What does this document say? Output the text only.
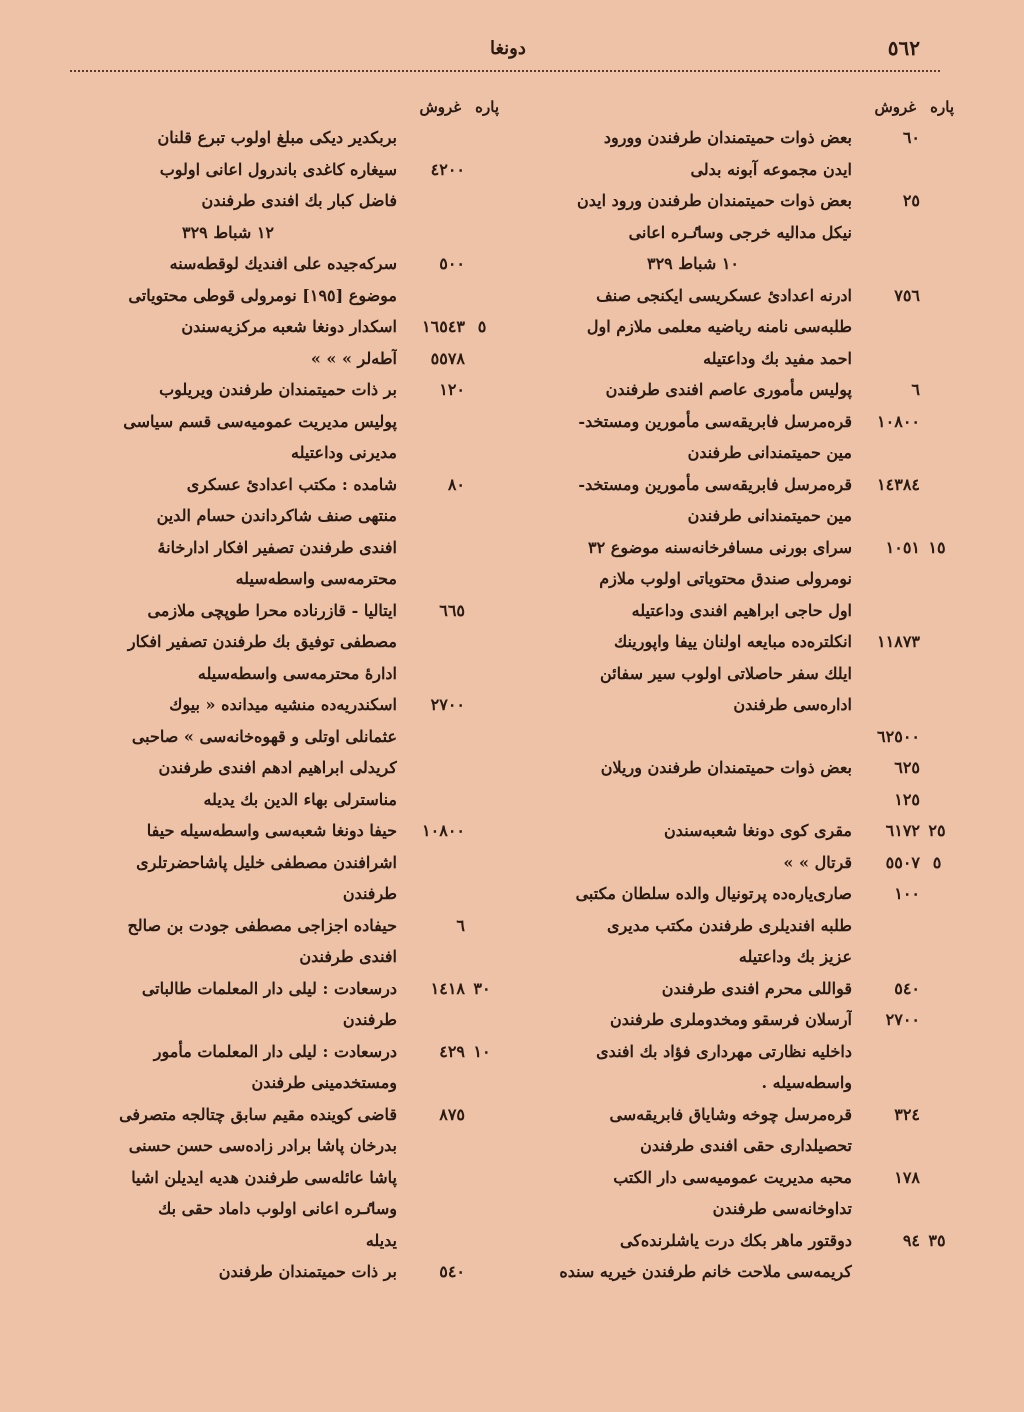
٥٦٢
دونغا
پاره
غروش
٦٠
بعض ذوات حميتمندان طرفندن وورود
ايدن مجموعه آبونه بدلی
٢٥
بعض ذوات حميتمندان طرفندن ورود ايدن
نيكل مداليه خرجی وساٸره اعانی
١٠ شباط ٣٢٩
٧٥٦
ادرنه اعدادئ عسكريسی ايكنجی صنف
طلبه‌سی نامنه رياضيه معلمی ملازم اول
احمد مفيد بك وداعتيله
٦
پوليس مأموری عاصم افندی طرفندن
١٠٨٠٠
قره‌مرسل فابريقه‌سی مأمورين ومستخد-
مين حميتمندانی طرفندن
١٤٣٨٤
قره‌مرسل فابريقه‌سی مأمورين ومستخد-
مين حميتمندانی طرفندن
١٥
١٠٥١
سرای بورنی مسافرخانه‌سنه موضوع ٣٢
نومرولی صندق محتوياتی اولوب ملازم
اول حاجی ابراهيم افندی وداعتيله
١١٨٧٣
انكلتره‌ده مبايعه اولنان ييفا واپورينك
ايلك سفر حاصلاتی اولوب سير سفائن
اداره‌سی طرفندن
٦٢٥٠٠
٦٢٥
بعض ذوات حميتمندان طرفندن وريلان
١٢٥
٢٥
٦١٧٢
مقری كوی دونغا شعبه‌سندن
٥
٥٥٠٧
قرتال » »
١٠٠
صاری‌ياره‌ده پرتونيال والده سلطان مكتبی
طلبه افنديلری طرفندن مكتب مديری
عزيز بك وداعتيله
٥٤٠
قواللی محرم افندی طرفندن
٢٧٠٠
آرسلان فرسقو ومخدوملری طرفندن
داخليه نظارتی مهرداری فؤاد بك افندی
واسطه‌سيله .
٣٢٤
قره‌مرسل چوخه وشاياق فابريقه‌سی
تحصيلداری حقی افندی طرفندن
١٧٨
محبه مديريت عموميه‌سی دار الكتب
تداوخانه‌سی طرفندن
٣٥
٩٤
دوقتور ماهر بكك درت ياشلرنده‌كی
كريمه‌سی ملاحت خانم طرفندن خيريه سنده
پاره
غروش
بربكدير ديكی مبلغ اولوب تبرع قلنان
٤٢٠٠
سيغاره كاغدی باندرول اعانی اولوب
فاضل كبار بك افندی طرفندن
١٢ شباط ٣٢٩
٥٠٠
سركه‌جيده علی افنديك لوقطه‌سنه
موضوع [١٩٥] نومرولی قوطی محتوياتی
٥
١٦٥٤٣
اسكدار دونغا شعبه مركزيه‌سندن
٥٥٧٨
آطه‌لر » » »
١٢٠
بر ذات حميتمندان طرفندن ويريلوب
پوليس مديريت عموميه‌سی قسم سياسی
مديرنی وداعتيله
٨٠
شامده : مكتب اعدادئ عسكری
منتهی صنف شاكرداندن حسام الدين
افندی طرفندن تصفير افكار ادارخانهٔ
محترمه‌سی واسطه‌سيله
٦٦٥
ايتاليا - قازرناده محرا طوپچی ملازمی
مصطفی توفيق بك طرفندن تصفير افكار
ادارهٔ محترمه‌سی واسطه‌سيله
٢٧٠٠
اسكندريه‌ده منشيه ميدانده « بيوك
عثمانلی اوتلی و قهوه‌خانه‌سی » صاحبی
كريدلی ابراهيم ادهم افندی طرفندن
مناسترلی بهاء الدين بك يديله
١٠٨٠٠
حيفا دونغا شعبه‌سی واسطه‌سيله حيفا
اشرافندن مصطفی خليل پاشاحضرتلری
طرفندن
٦
حيفاده اجزاجی مصطفی جودت بن صالح
افندی طرفندن
٣٠
١٤١٨
درسعادت : ليلی دار المعلمات طالباتی
طرفندن
١٠
٤٢٩
درسعادت : ليلی دار المعلمات مأمور
ومستخدمينی طرفندن
٨٧٥
قاضی كوينده مقيم سابق چتالجه متصرفی
بدرخان پاشا برادر زاده‌سی حسن حسنی
پاشا عائله‌سی طرفندن هديه ايديلن اشيا
وساٸره اعانی اولوب داماد حقی بك
يديله
٥٤٠
بر ذات حميتمندان طرفندن
